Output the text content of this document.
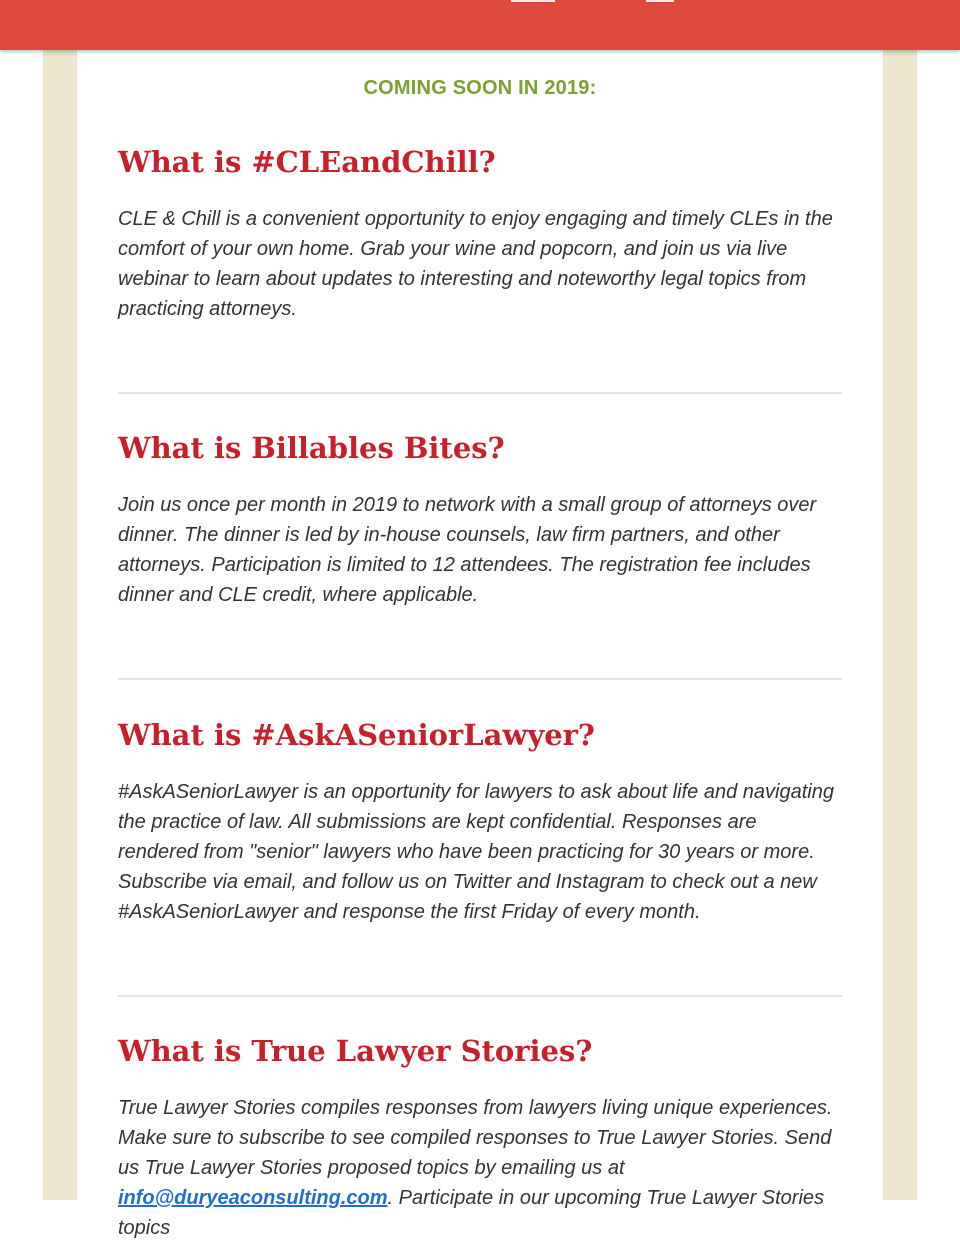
COMING SOON IN 2019:
What is #CLEandChill?

CLE & Chill is a convenient opportunity to enjoy engaging and timely CLEs in the comfort of your own home. Grab your wine and popcorn, and join us via live webinar to learn about updates to interesting and noteworthy legal topics from practicing attorneys.

What is Billables Bites?

Join us once per month in 2019 to network with a small group of attorneys over dinner. The dinner is led by in-house counsels, law firm partners, and other attorneys. Participation is limited to 12 attendees. The registration fee includes dinner and CLE credit, where applicable.

What is #AskASeniorLawyer?

#AskASeniorLawyer is an opportunity for lawyers to ask about life and navigating the practice of law. All submissions are kept confidential. Responses are rendered from "senior" lawyers who have been practicing for 30 years or more. Subscribe via email, and follow us on Twitter and Instagram to check out a new #AskASeniorLawyer and response the first Friday of every month.

What is True Lawyer Stories?

True Lawyer Stories compiles responses from lawyers living unique experiences. Make sure to subscribe to see compiled responses to True Lawyer Stories. Send us True Lawyer Stories proposed topics by emailing us at info@duryeaconsulting.com. Participate in our upcoming True Lawyer Stories topics
